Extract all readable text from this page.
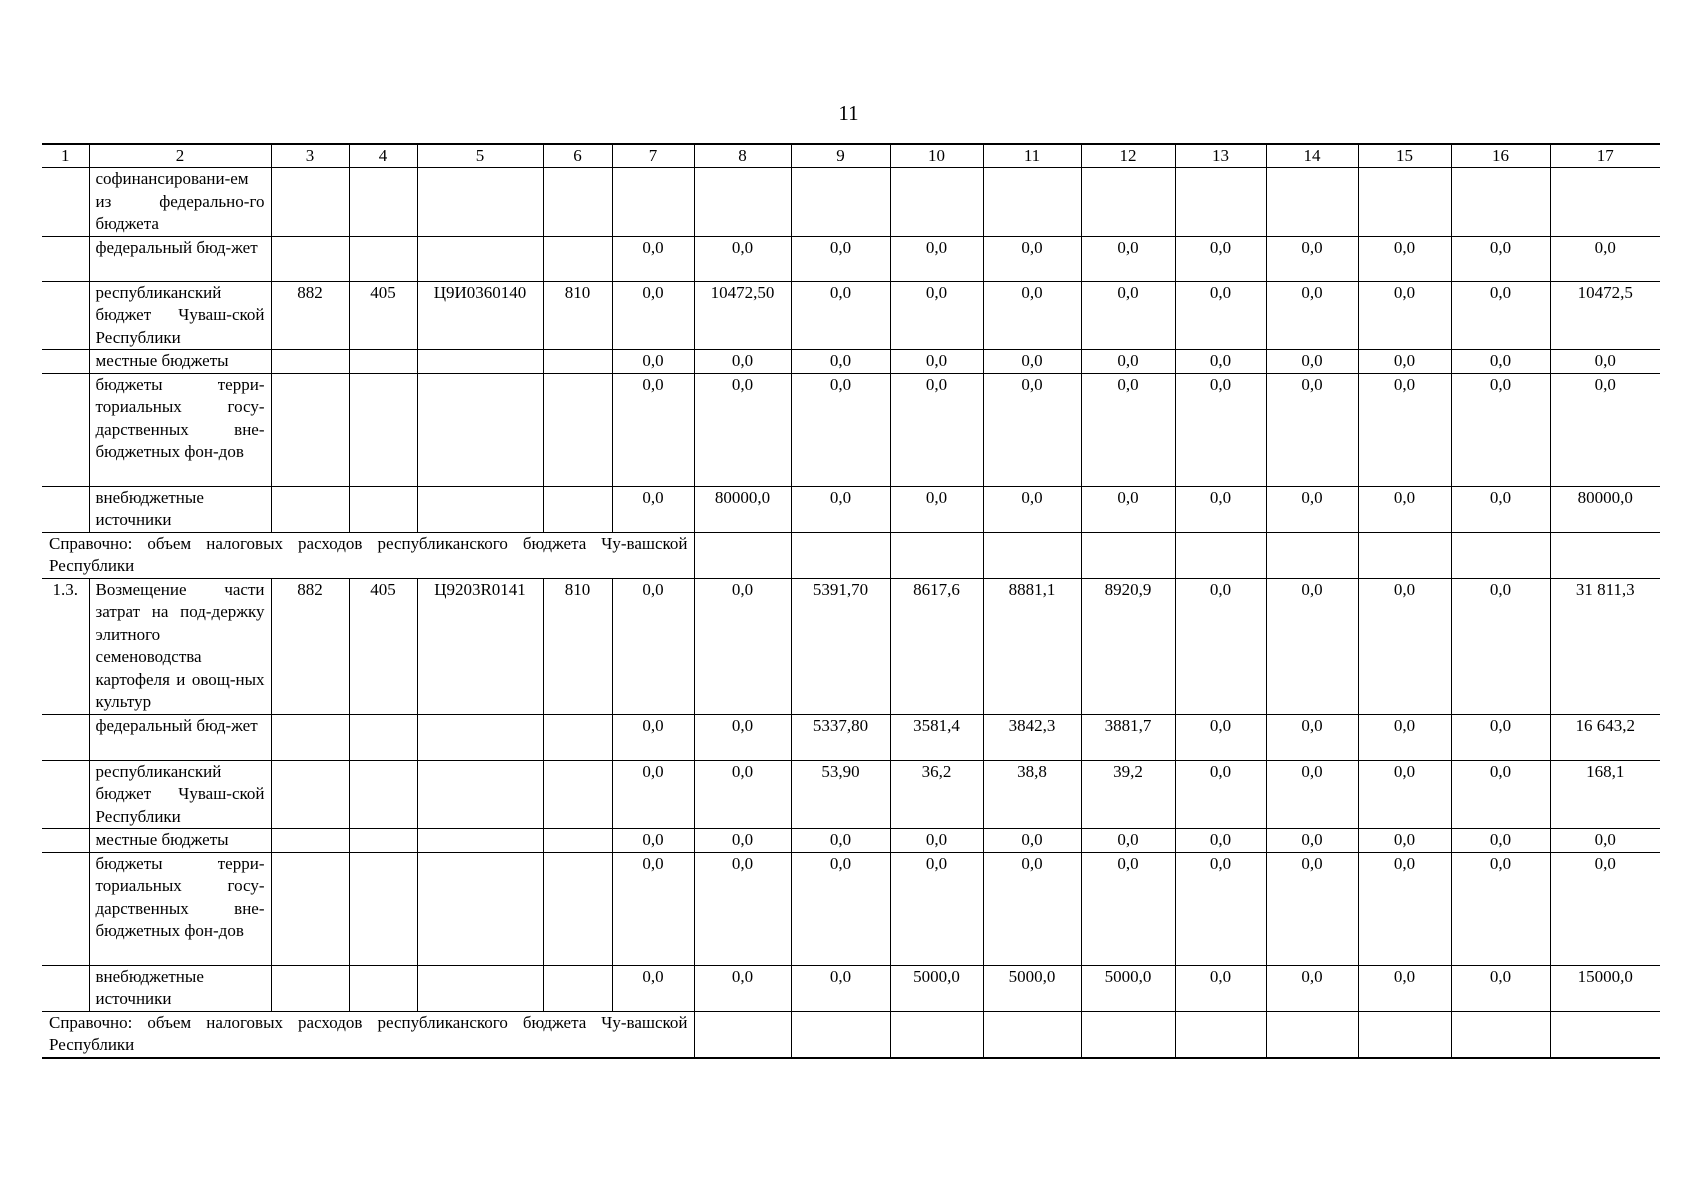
11
1	2	3	4	5	6	7	8	9	10	11	12	13	14	15	16	17
	софинансировани-ем из федерально-го бюджета															
	федеральный бюд-жет					0,0	0,0	0,0	0,0	0,0	0,0	0,0	0,0	0,0	0,0	0,0
	республиканский бюджет Чуваш-ской Республики	882	405	Ц9И0360140	810	0,0	10472,50	0,0	0,0	0,0	0,0	0,0	0,0	0,0	0,0	10472,5
	местные бюджеты					0,0	0,0	0,0	0,0	0,0	0,0	0,0	0,0	0,0	0,0	0,0
	бюджеты терри-ториальных госу-дарственных вне-бюджетных фон-дов					0,0	0,0	0,0	0,0	0,0	0,0	0,0	0,0	0,0	0,0	0,0
	внебюджетные источники					0,0	80000,0	0,0	0,0	0,0	0,0	0,0	0,0	0,0	0,0	80000,0
Справочно: объем налоговых расходов республиканского бюджета Чу-вашской Республики																
1.3.	Возмещение части затрат на под-держку элитного семеноводства картофеля и овощ-ных культур	882	405	Ц9203R0141	810	0,0	0,0	5391,70	8617,6	8881,1	8920,9	0,0	0,0	0,0	0,0	31 811,3
	федеральный бюд-жет					0,0	0,0	5337,80	3581,4	3842,3	3881,7	0,0	0,0	0,0	0,0	16 643,2
	республиканский бюджет Чуваш-ской Республики					0,0	0,0	53,90	36,2	38,8	39,2	0,0	0,0	0,0	0,0	168,1
	местные бюджеты					0,0	0,0	0,0	0,0	0,0	0,0	0,0	0,0	0,0	0,0	0,0
	бюджеты терри-ториальных госу-дарственных вне-бюджетных фон-дов					0,0	0,0	0,0	0,0	0,0	0,0	0,0	0,0	0,0	0,0	0,0
	внебюджетные источники					0,0	0,0	0,0	5000,0	5000,0	5000,0	0,0	0,0	0,0	0,0	15000,0
Справочно: объем налоговых расходов республиканского бюджета Чу-вашской Республики																
